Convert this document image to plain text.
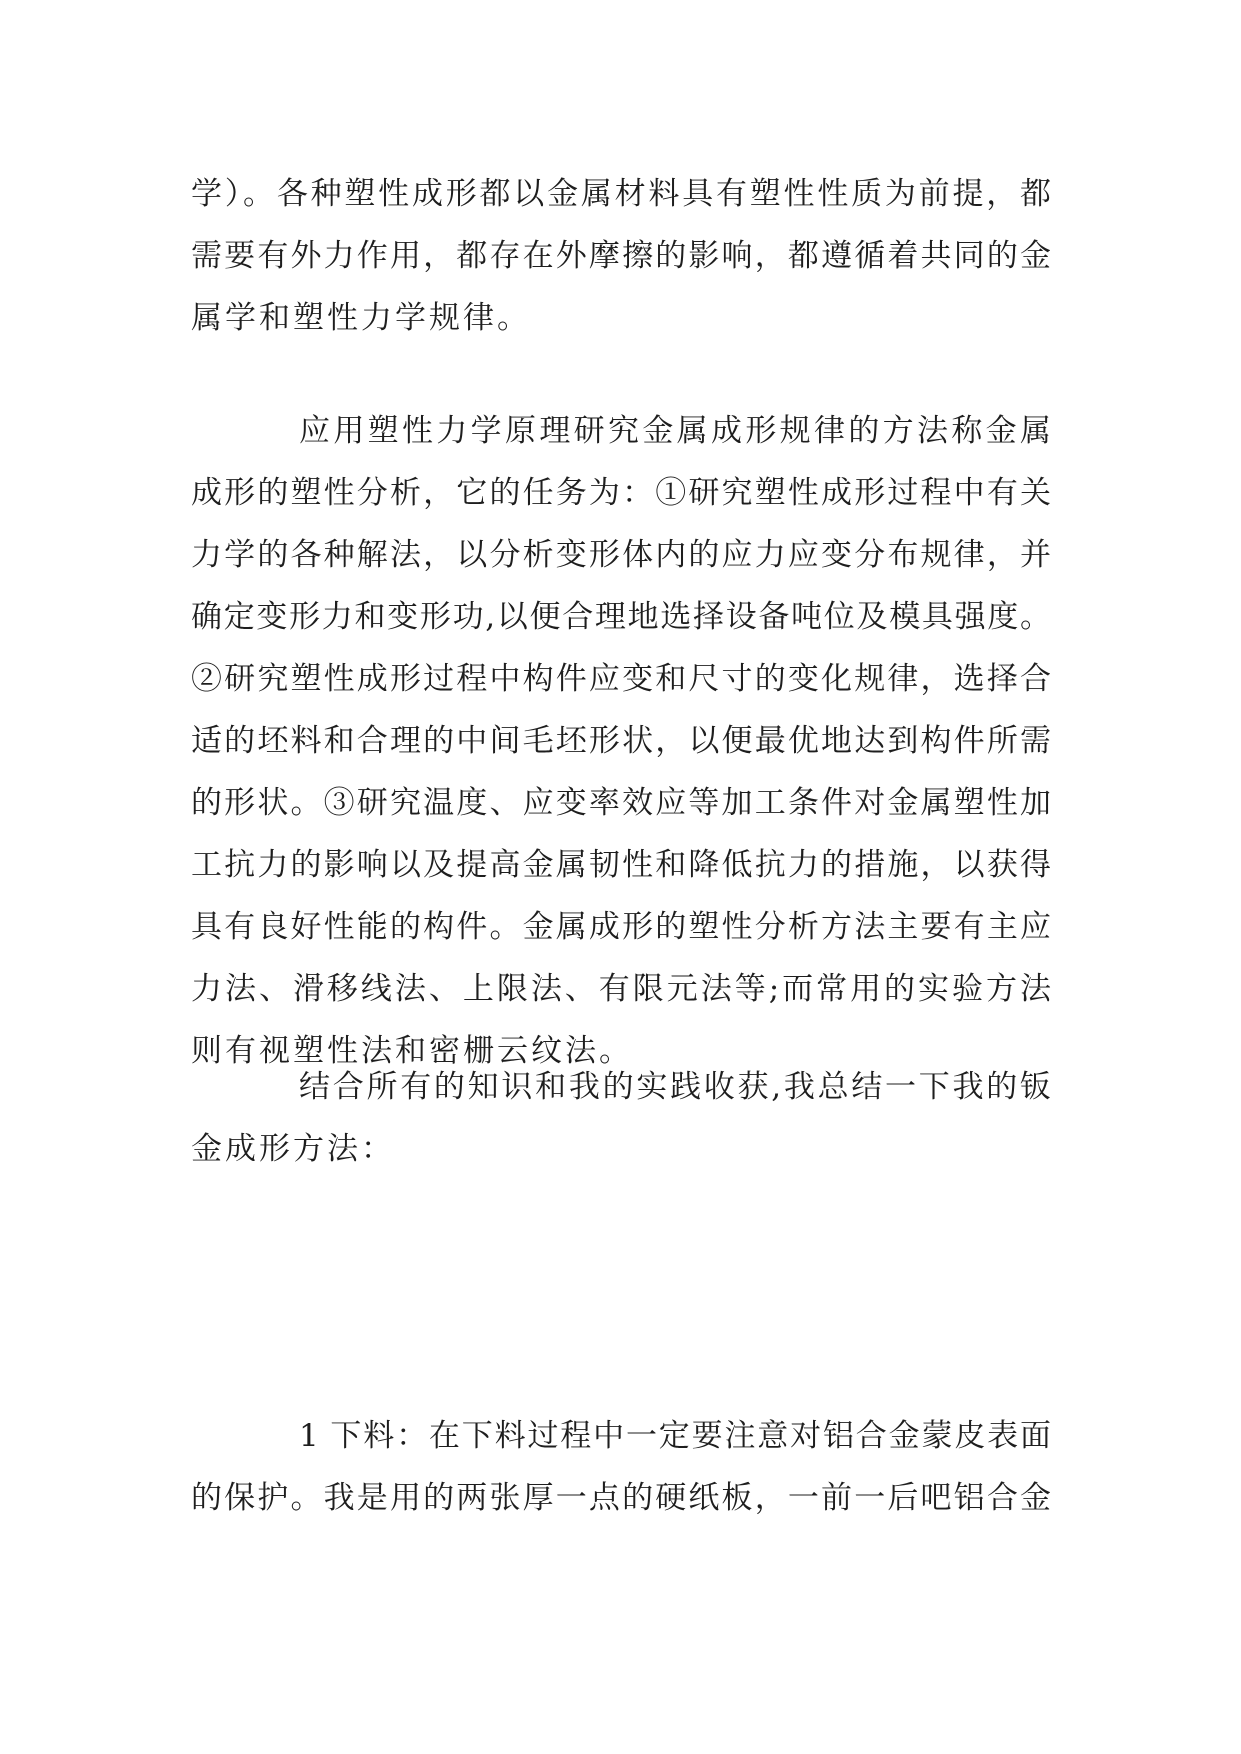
学）。各种塑性成形都以金属材料具有塑性性质为前提，都
需要有外力作用，都存在外摩擦的影响，都遵循着共同的金
属学和塑性力学规律。
应用塑性力学原理研究金属成形规律的方法称金属
成形的塑性分析，它的任务为：①研究塑性成形过程中有关
力学的各种解法，以分析变形体内的应力应变分布规律，并
确定变形力和变形功,以便合理地选择设备吨位及模具强度。
②研究塑性成形过程中构件应变和尺寸的变化规律，选择合
适的坯料和合理的中间毛坯形状，以便最优地达到构件所需
的形状。③研究温度、应变率效应等加工条件对金属塑性加
工抗力的影响以及提高金属韧性和降低抗力的措施，以获得
具有良好性能的构件。金属成形的塑性分析方法主要有主应
力法、滑移线法、上限法、有限元法等;而常用的实验方法
则有视塑性法和密栅云纹法。
结合所有的知识和我的实践收获,我总结一下我的钣
金成形方法：
1 下料：在下料过程中一定要注意对铝合金蒙皮表面
的保护。我是用的两张厚一点的硬纸板，一前一后吧铝合金
